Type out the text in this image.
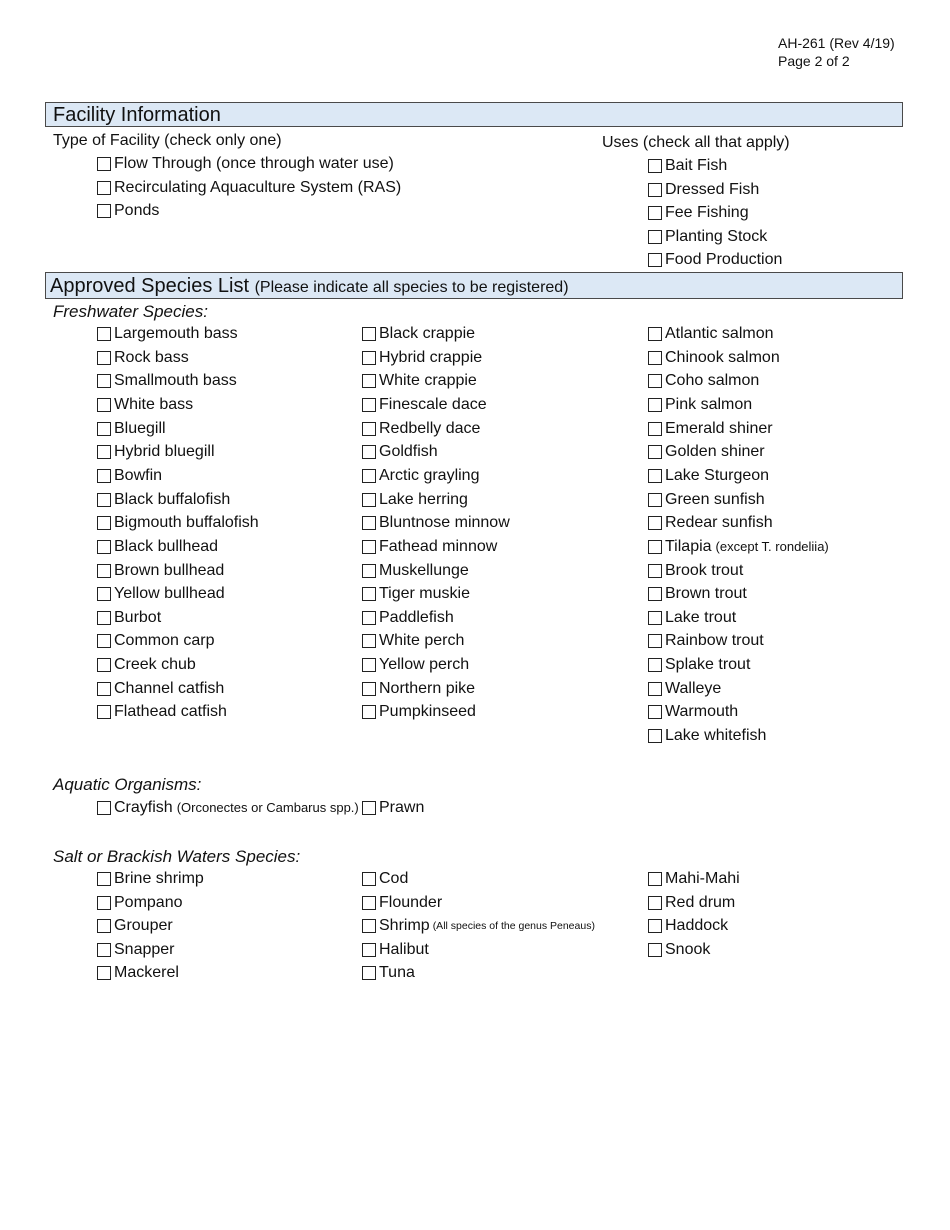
AH-261 (Rev 4/19)
Page 2 of 2
Facility Information
Type of Facility (check only one)	Uses (check all that apply)
Flow Through (once through water use)
Recirculating Aquaculture System (RAS)
Ponds
Bait Fish
Dressed Fish
Fee Fishing
Planting Stock
Food Production
Approved Species List (Please indicate all species to be registered)
Freshwater Species:
Largemouth bass
Rock bass
Smallmouth bass
White bass
Bluegill
Hybrid bluegill
Bowfin
Black buffalofish
Bigmouth buffalofish
Black bullhead
Brown bullhead
Yellow bullhead
Burbot
Common carp
Creek chub
Channel catfish
Flathead catfish
Black crappie
Hybrid crappie
White crappie
Finescale dace
Redbelly dace
Goldfish
Arctic grayling
Lake herring
Bluntnose minnow
Fathead minnow
Muskellunge
Tiger muskie
Paddlefish
White perch
Yellow perch
Northern pike
Pumpkinseed
Atlantic salmon
Chinook salmon
Coho salmon
Pink salmon
Emerald shiner
Golden shiner
Lake Sturgeon
Green sunfish
Redear sunfish
Tilapia (except T. rondeliia)
Brook trout
Brown trout
Lake trout
Rainbow trout
Splake trout
Walleye
Warmouth
Lake whitefish
Aquatic Organisms:
Crayfish (Orconectes or Cambarus spp.) Prawn
Salt or Brackish Waters Species:
Brine shrimp
Pompano
Grouper
Snapper
Mackerel
Cod
Flounder
Shrimp (All species of the genus Peneaus)
Halibut
Tuna
Mahi-Mahi
Red drum
Haddock
Snook
